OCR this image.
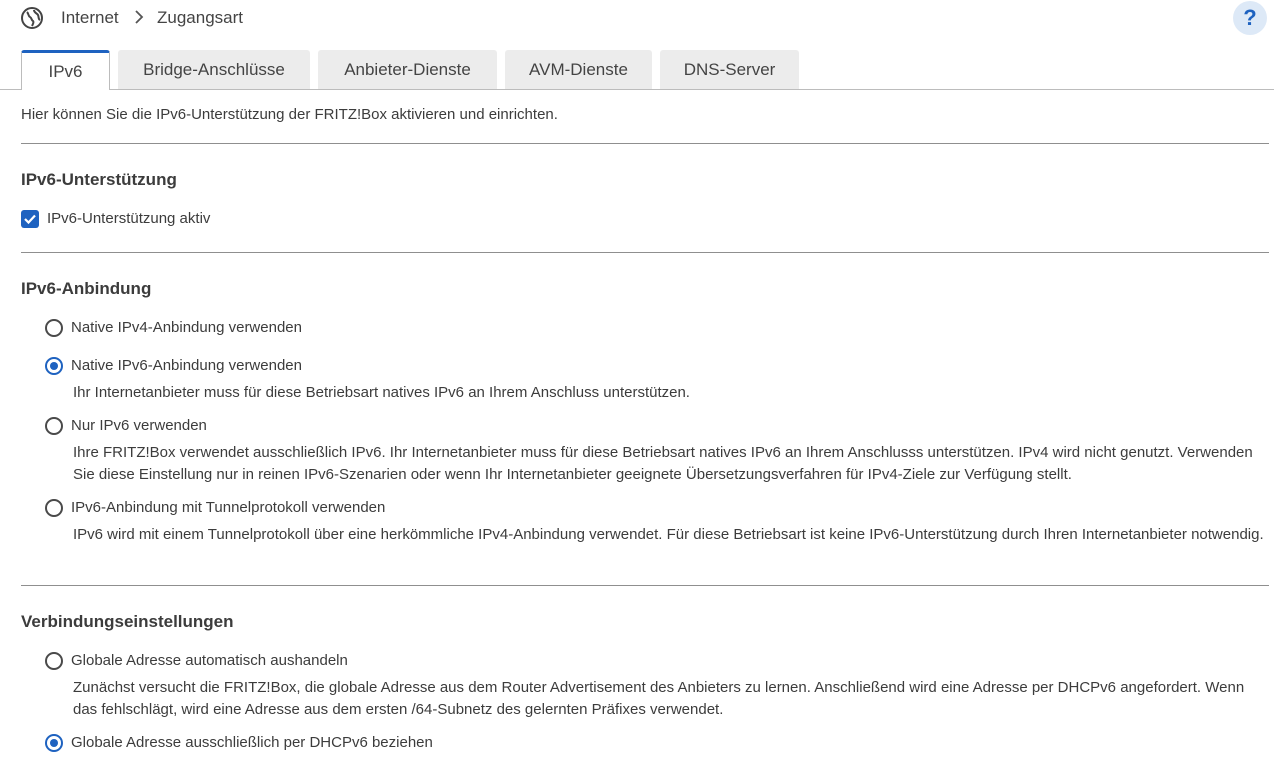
Internet Zugangsart	?
IPv6	Bridge-Anschlüsse	Anbieter-Dienste	AVM-Dienste	DNS-Server
Hier können Sie die IPv6-Unterstützung der FRITZ!Box aktivieren und einrichten.
IPv6-Unterstützung
IPv6-Unterstützung aktiv
IPv6-Anbindung
Native IPv4-Anbindung verwenden
Native IPv6-Anbindung verwenden
Ihr Internetanbieter muss für diese Betriebsart natives IPv6 an Ihrem Anschluss unterstützen.
Nur IPv6 verwenden
Ihre FRITZ!Box verwendet ausschließlich IPv6. Ihr Internetanbieter muss für diese Betriebsart natives IPv6 an Ihrem Anschlusss unterstützen. IPv4 wird nicht genutzt. Verwenden Sie diese Einstellung nur in reinen IPv6-Szenarien oder wenn Ihr Internetanbieter geeignete Übersetzungsverfahren für IPv4-Ziele zur Verfügung stellt.
IPv6-Anbindung mit Tunnelprotokoll verwenden
IPv6 wird mit einem Tunnelprotokoll über eine herkömmliche IPv4-Anbindung verwendet. Für diese Betriebsart ist keine IPv6-Unterstützung durch Ihren Internetanbieter notwendig.
Verbindungseinstellungen
Globale Adresse automatisch aushandeln
Zunächst versucht die FRITZ!Box, die globale Adresse aus dem Router Advertisement des Anbieters zu lernen. Anschließend wird eine Adresse per DHCPv6 angefordert. Wenn das fehlschlägt, wird eine Adresse aus dem ersten /64-Subnetz des gelernten Präfixes verwendet.
Globale Adresse ausschließlich per DHCPv6 beziehen
